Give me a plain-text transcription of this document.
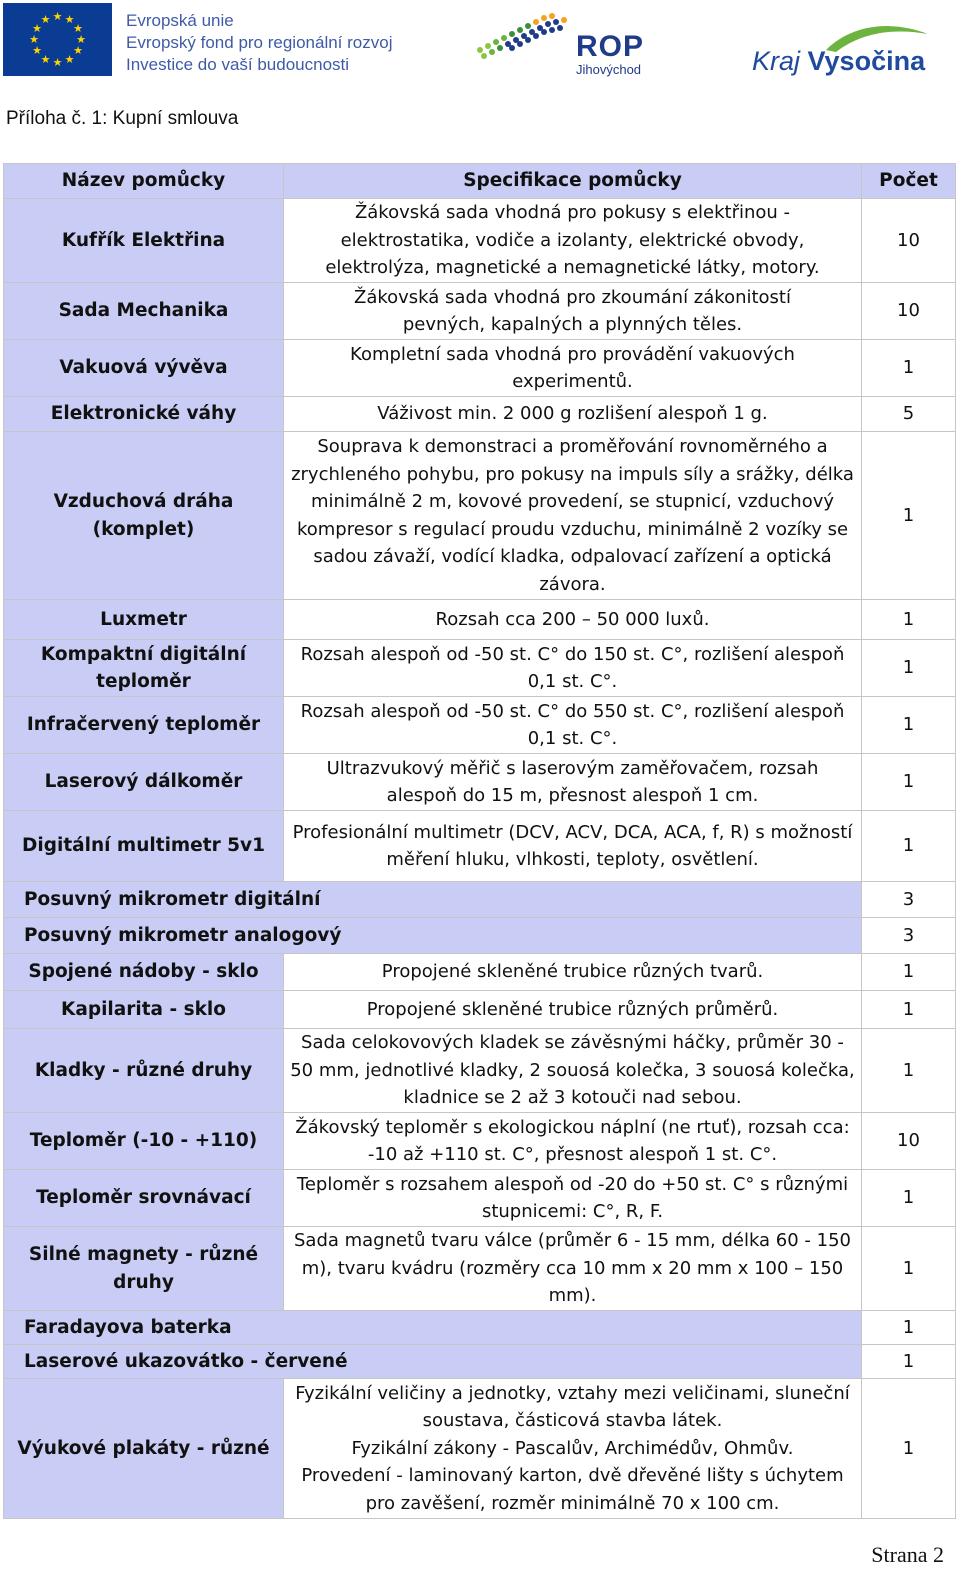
★ ★
★
★
★
★
★
★
★
★
★
★	Evropská unie
Evropský fond pro regionální rozvoj
Investice do vaší budoucnosti
ROP
Jihovýchod	Kraj Vysočina
Příloha č. 1: Kupní smlouva
Název pomůcky	Specifikace pomůcky	Počet
Kufřík Elektřina	Žákovská sada vhodná pro pokusy s elektřinou - elektrostatika, vodiče a izolanty, elektrické obvody, elektrolýza, magnetické a nemagnetické látky, motory.	10
Sada Mechanika	Žákovská sada vhodná pro zkoumání zákonitostí pevných, kapalných a plynných těles.	10
Vakuová vývěva	Kompletní sada vhodná pro provádění vakuových experimentů.	1
Elektronické váhy	Váživost min. 2 000 g rozlišení alespoň 1 g.	5
Vzduchová dráha (komplet)	Souprava k demonstraci a proměřování rovnoměrného a zrychleného pohybu, pro pokusy na impuls síly a srážky, délka minimálně 2 m, kovové provedení, se stupnicí, vzduchový kompresor s regulací proudu vzduchu, minimálně 2 vozíky se sadou závaží, vodící kladka, odpalovací zařízení a optická závora.	1
Luxmetr	Rozsah cca 200 – 50 000 luxů.	1
Kompaktní digitální teploměr	Rozsah alespoň od -50 st. C° do 150 st. C°, rozlišení alespoň 0,1 st. C°.	1
Infračervený teploměr	Rozsah alespoň od -50 st. C° do 550 st. C°, rozlišení alespoň 0,1 st. C°.	1
Laserový dálkoměr	Ultrazvukový měřič s laserovým zaměřovačem, rozsah alespoň do 15 m, přesnost alespoň 1 cm.	1
Digitální multimetr 5v1	Profesionální multimetr (DCV, ACV, DCA, ACA, f, R) s možností měření hluku, vlhkosti, teploty, osvětlení.	1
Posuvný mikrometr digitální		3
Posuvný mikrometr analogový		3
Spojené nádoby - sklo	Propojené skleněné trubice různých tvarů.	1
Kapilarita - sklo	Propojené skleněné trubice různých průměrů.	1
Kladky - různé druhy	Sada celokovových kladek se závěsnými háčky, průměr 30 - 50 mm, jednotlivé kladky, 2 souosá kolečka, 3 souosá kolečka, kladnice se 2 až 3 kotouči nad sebou.	1
Teploměr (-10 - +110)	Žákovský teploměr s ekologickou náplní (ne rtuť), rozsah cca: -10 až +110 st. C°, přesnost alespoň 1 st. C°.	10
Teploměr srovnávací	Teploměr s rozsahem alespoň od -20 do +50 st. C° s různými stupnicemi: C°, R, F.	1
Silné magnety - různé druhy	Sada magnetů tvaru válce (průměr 6 - 15 mm, délka 60 - 150 m), tvaru kvádru (rozměry cca 10 mm x 20 mm x 100 – 150 mm).	1
Faradayova baterka		1
Laserové ukazovátko - červené		1
Výukové plakáty - různé	Fyzikální veličiny a jednotky, vztahy mezi veličinami, sluneční soustava, částicová stavba látek.
Fyzikální zákony - Pascalův, Archimédův, Ohmův.
Provedení - laminovaný karton, dvě dřevěné lišty s úchytem pro zavěšení, rozměr minimálně 70 x 100 cm.	1
Strana 2
